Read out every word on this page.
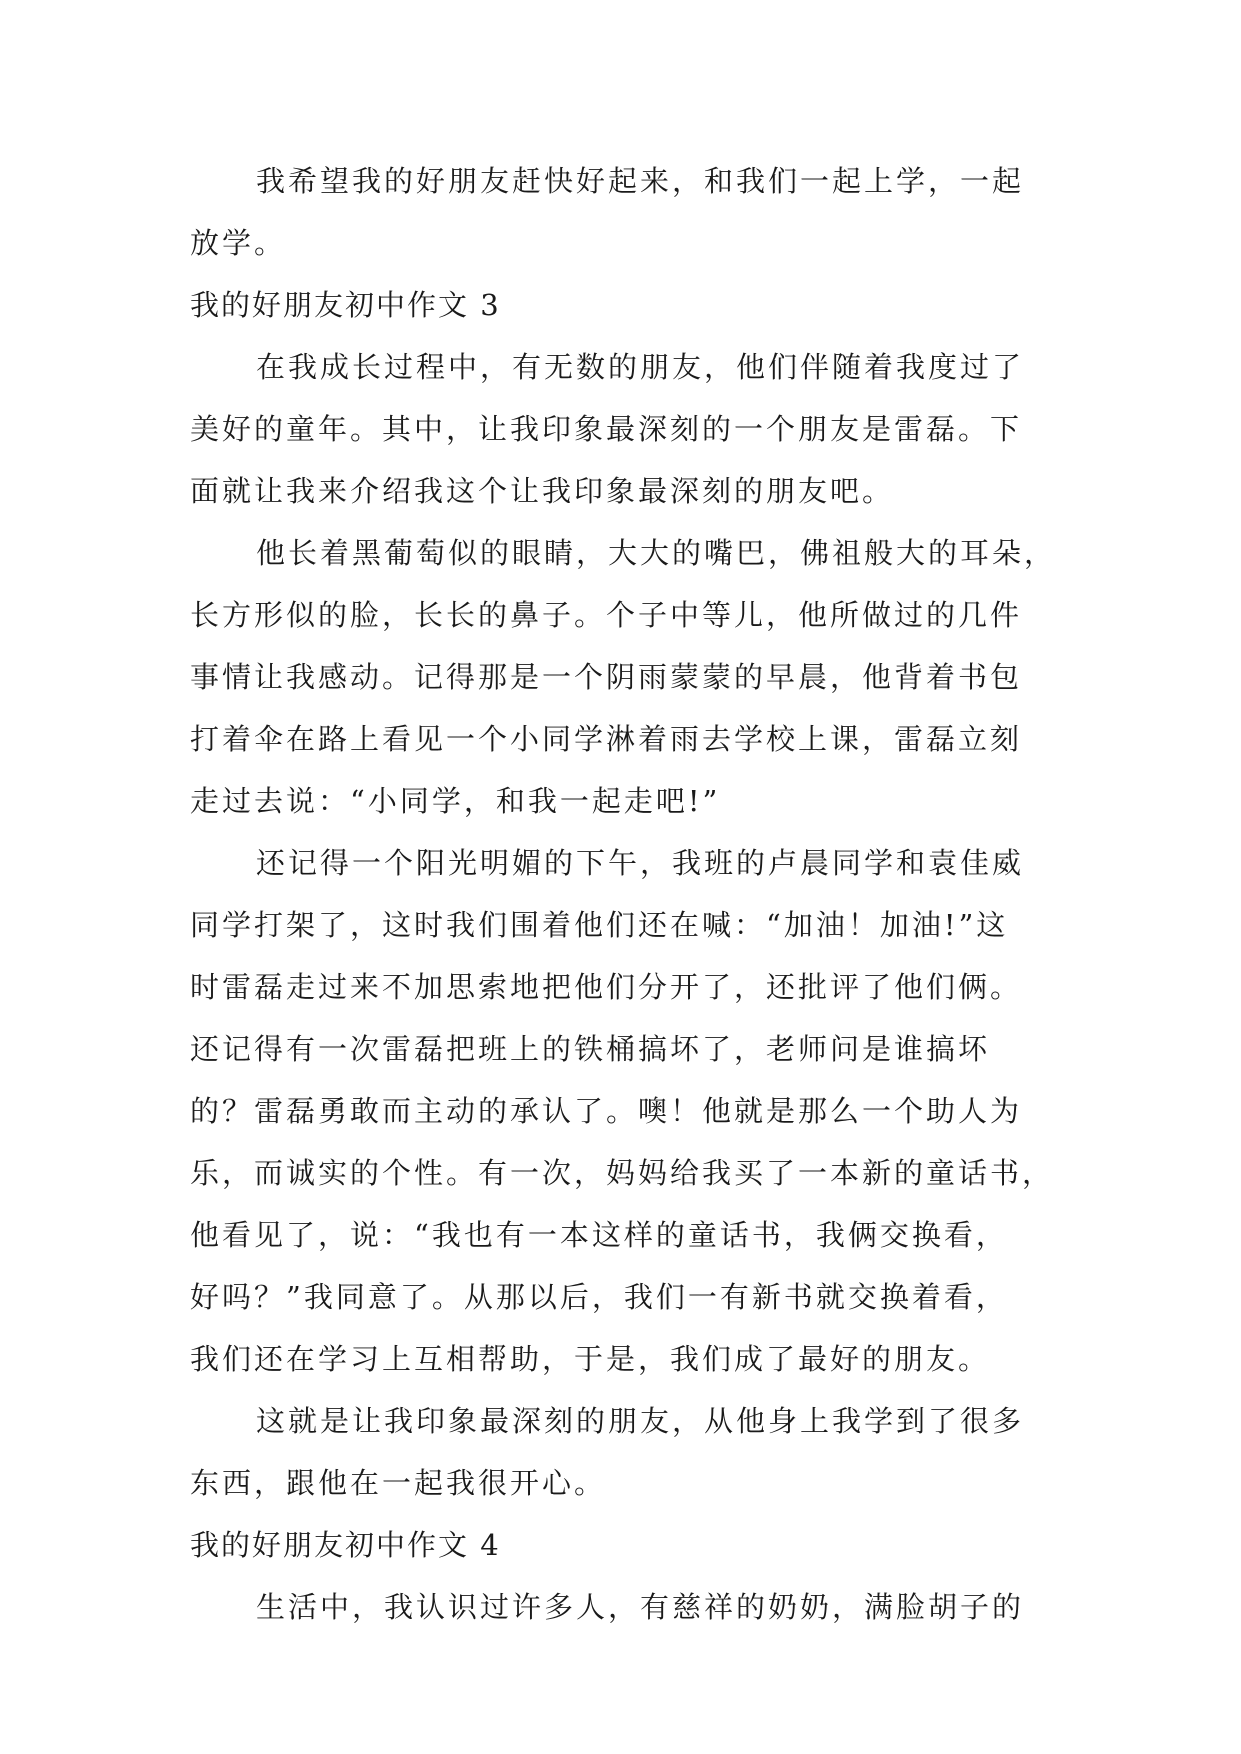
我希望我的好朋友赶快好起来，和我们一起上学，一起
放学。
我的好朋友初中作文 3
在我成长过程中，有无数的朋友，他们伴随着我度过了
美好的童年。其中，让我印象最深刻的一个朋友是雷磊。下
面就让我来介绍我这个让我印象最深刻的朋友吧。
他长着黑葡萄似的眼睛，大大的嘴巴，佛祖般大的耳朵，
长方形似的脸，长长的鼻子。个子中等儿，他所做过的几件
事情让我感动。记得那是一个阴雨蒙蒙的早晨，他背着书包
打着伞在路上看见一个小同学淋着雨去学校上课，雷磊立刻
走过去说：“小同学，和我一起走吧!”
还记得一个阳光明媚的下午，我班的卢晨同学和袁佳威
同学打架了，这时我们围着他们还在喊：“加油！加油!”这
时雷磊走过来不加思索地把他们分开了，还批评了他们俩。
还记得有一次雷磊把班上的铁桶搞坏了，老师问是谁搞坏
的？雷磊勇敢而主动的承认了。噢！他就是那么一个助人为
乐，而诚实的个性。有一次，妈妈给我买了一本新的童话书，
他看见了，说：“我也有一本这样的童话书，我俩交换看，
好吗？”我同意了。从那以后，我们一有新书就交换着看，
我们还在学习上互相帮助，于是，我们成了最好的朋友。
这就是让我印象最深刻的朋友，从他身上我学到了很多
东西，跟他在一起我很开心。
我的好朋友初中作文 4
生活中，我认识过许多人，有慈祥的奶奶，满脸胡子的
